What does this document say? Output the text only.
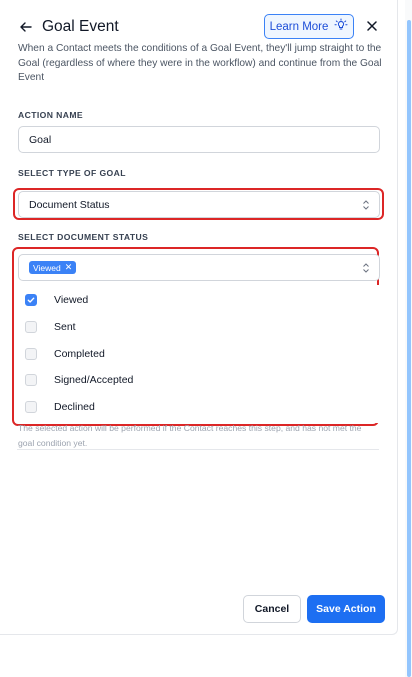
Goal Event	Learn More

When a Contact meets the conditions of a Goal Event, they'll jump straight to the Goal (regardless of where they were in the workflow) and continue from the Goal Event

ACTION NAME
Goal
SELECT TYPE OF GOAL
Document Status
SELECT DOCUMENT STATUS
Viewed ✕
Viewed
Sent
Completed
Signed/Accepted
Declined

The selected action will be performed if the Contact reaches this step, and has not met the goal condition yet.

Cancel	Save Action
